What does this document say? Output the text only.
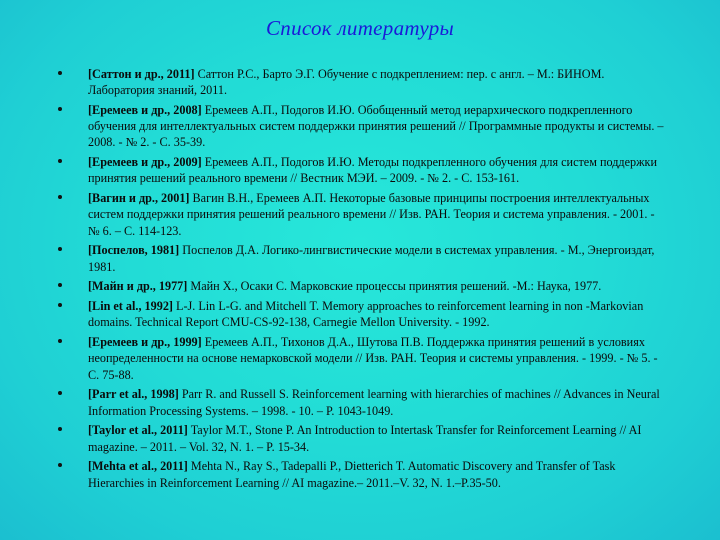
Список литературы
[Саттон и др., 2011] Саттон Р.С., Барто Э.Г. Обучение с подкреплением: пер. с англ. – М.: БИНОМ. Лаборатория знаний, 2011.
[Еремеев и др., 2008] Еремеев А.П., Подогов И.Ю. Обобщенный метод иерархического подкрепленного обучения для интеллектуальных систем поддержки принятия решений // Программные продукты и системы. – 2008. - № 2. - С. 35-39.
[Еремеев и др., 2009] Еремеев А.П., Подогов И.Ю. Методы подкрепленного обучения для систем поддержки принятия решений реального времени // Вестник МЭИ. – 2009. - № 2. - С. 153-161.
[Вагин и др., 2001] Вагин В.Н., Еремеев А.П. Некоторые базовые принципы построения интеллектуальных систем поддержки принятия решений реального времени // Изв. РАН. Теория и система управления. - 2001. - № 6. – С. 114-123.
[Поспелов, 1981] Поспелов Д.А. Логико-лингвистические модели в системах управления. - М., Энергоиздат, 1981.
[Майн и др., 1977] Майн Х., Осаки С. Марковские процессы принятия решений. -М.: Наука, 1977.
[Lin et al., 1992] L-J. Lin L-G. and Mitchell T. Memory approaches to reinforcement learning in non -Markovian domains. Technical Report CMU-CS-92-138, Carnegie Mellon University. - 1992.
[Еремеев и др., 1999] Еремеев А.П., Тихонов Д.А., Шутова П.В. Поддержка принятия решений в условиях неопределенности на основе немарковской модели // Изв. РАН. Теория и системы управления. - 1999. - № 5. - С. 75-88.
[Parr et al., 1998] Parr R. and Russell S. Reinforcement learning with hierarchies of machines // Advances in Neural Information Processing Systems. – 1998. - 10. – P. 1043-1049.
[Taylor et al., 2011] Taylor M.T., Stone P. An Introduction to Intertask Transfer for Reinforcement Learning // AI magazine. – 2011. – Vol. 32, N. 1. – P. 15-34.
[Mehta et al., 2011] Mehta N., Ray S., Tadepalli P., Dietterich T. Automatic Discovery and Transfer of Task Hierarchies in Reinforcement Learning // AI magazine.– 2011.–V. 32, N. 1.–P.35-50.
